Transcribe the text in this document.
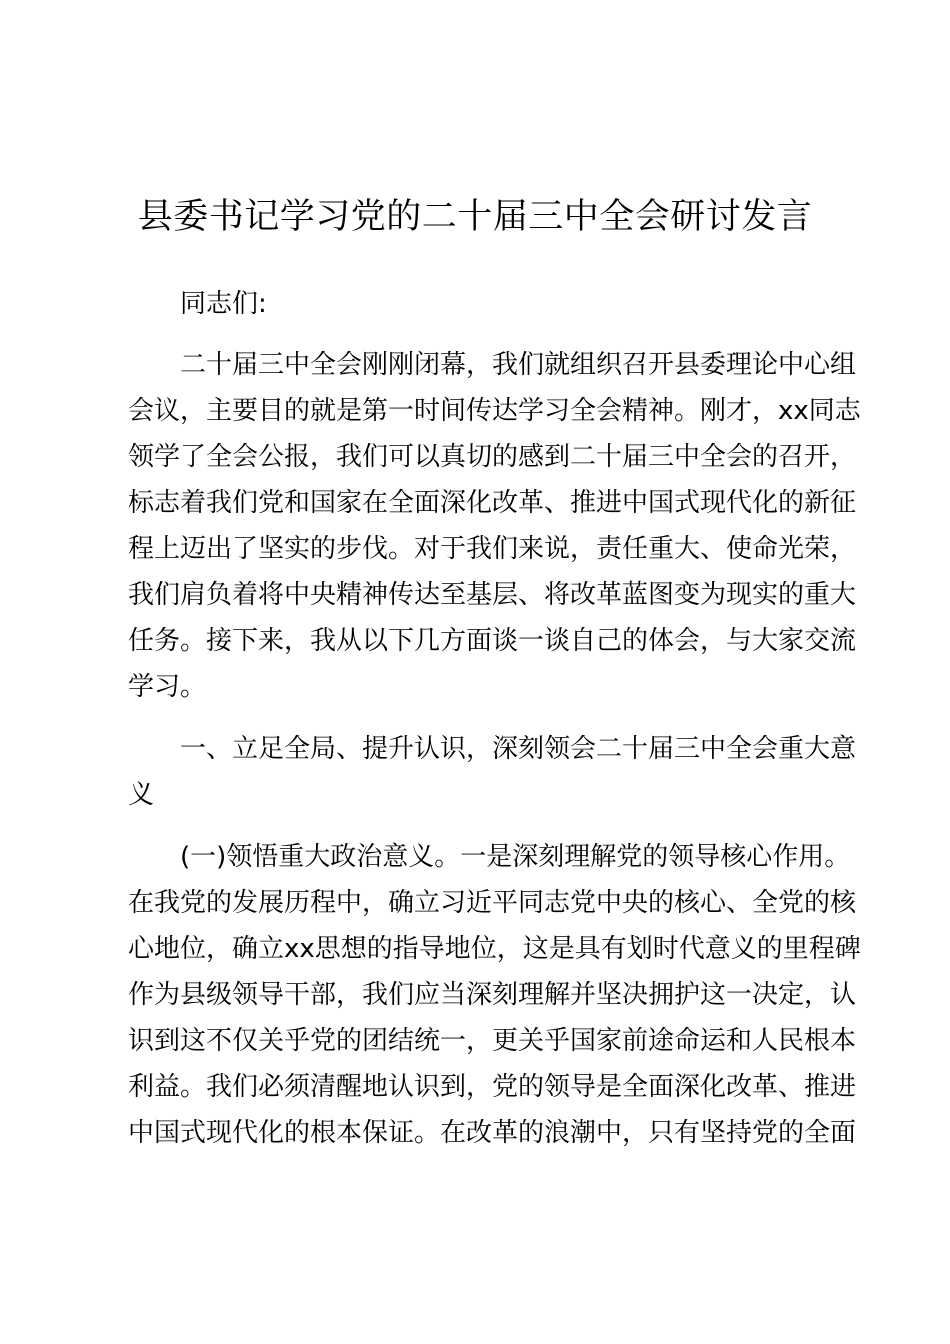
县委书记学习党的二十届三中全会研讨发言
同志们:
二十届三中全会刚刚闭幕，我们就组织召开县委理论中心组
会议，主要目的就是第一时间传达学习全会精神。刚才，xx同志
领学了全会公报，我们可以真切的感到二十届三中全会的召开，
标志着我们党和国家在全面深化改革、推进中国式现代化的新征
程上迈出了坚实的步伐。对于我们来说，责任重大、使命光荣，
我们肩负着将中央精神传达至基层、将改革蓝图变为现实的重大
任务。接下来，我从以下几方面谈一谈自己的体会，与大家交流
学习。
一、立足全局、提升认识，深刻领会二十届三中全会重大意
义
(一)领悟重大政治意义。一是深刻理解党的领导核心作用。
在我党的发展历程中，确立习近平同志党中央的核心、全党的核
心地位，确立xx思想的指导地位，这是具有划时代意义的里程碑
作为县级领导干部，我们应当深刻理解并坚决拥护这一决定，认
识到这不仅关乎党的团结统一，更关乎国家前途命运和人民根本
利益。我们必须清醒地认识到，党的领导是全面深化改革、推进
中国式现代化的根本保证。在改革的浪潮中，只有坚持党的全面
